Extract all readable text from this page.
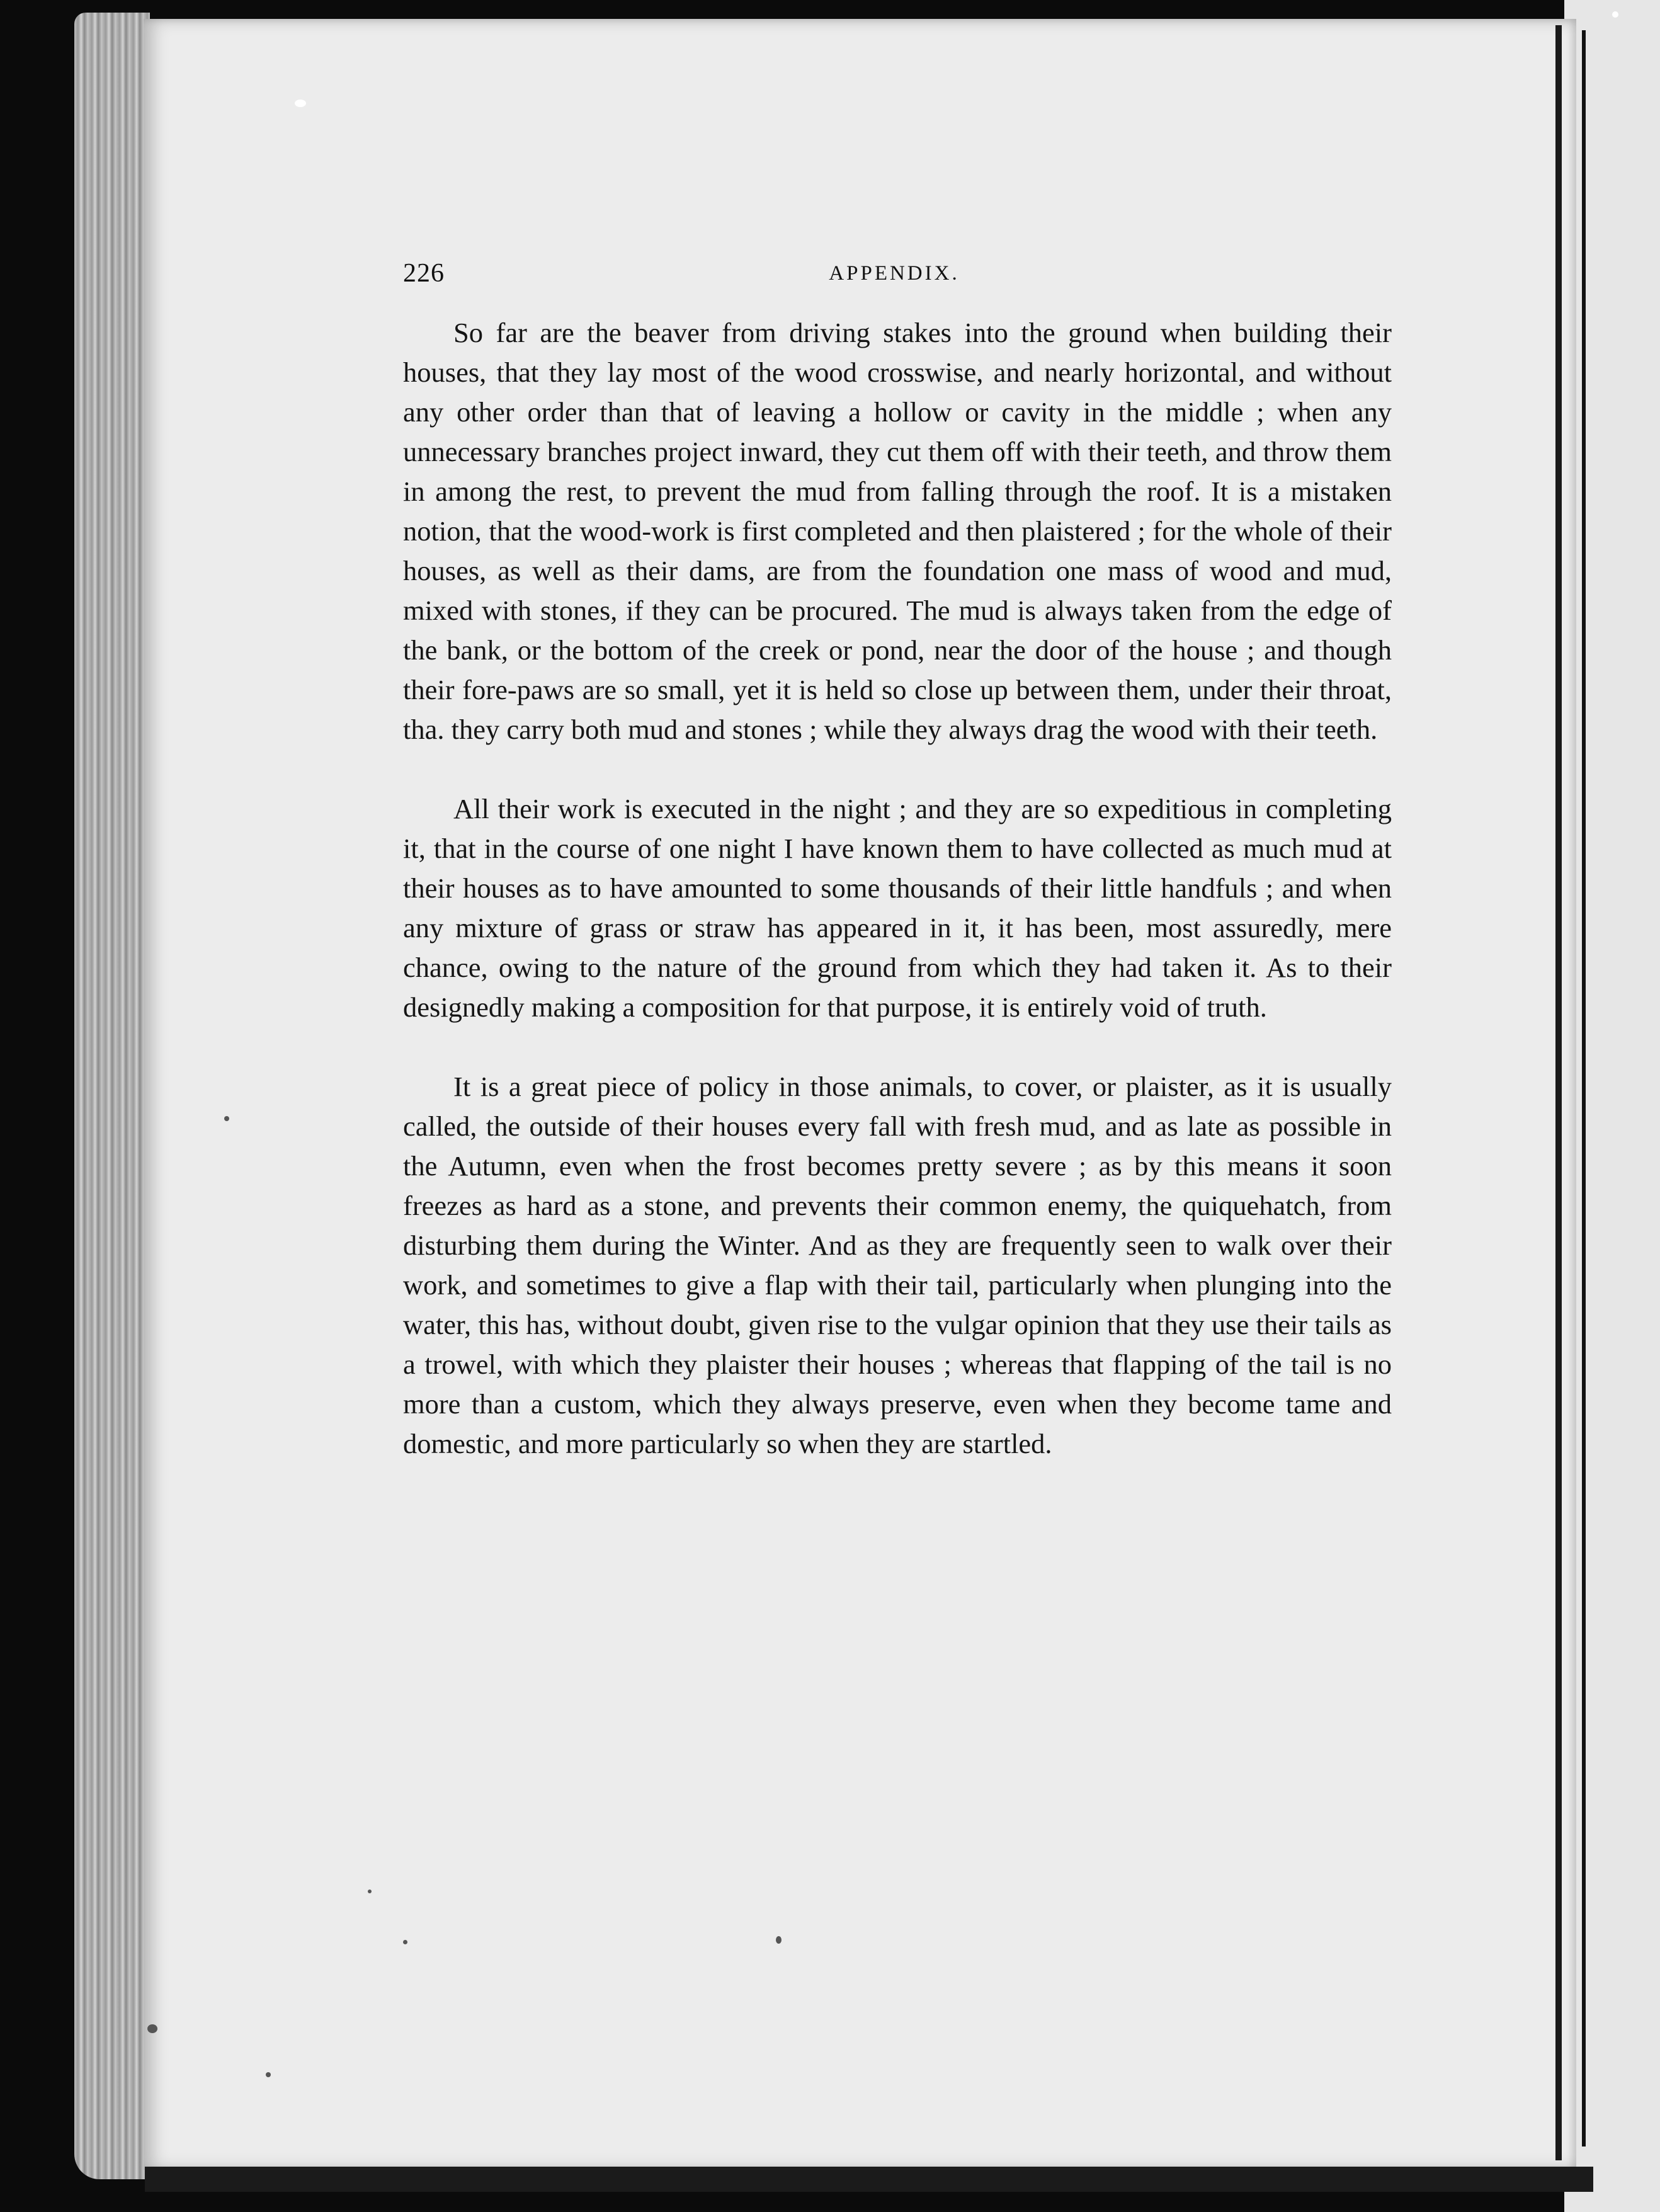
226	APPENDIX.

So far are the beaver from driving stakes into the ground when building their houses, that they lay most of the wood crosswise, and nearly horizontal, and without any other order than that of leaving a hollow or cavity in the middle ; when any unnecessary branches project inward, they cut them off with their teeth, and throw them in among the rest, to prevent the mud from falling through the roof. It is a mistaken notion, that the wood-work is first completed and then plaistered ; for the whole of their houses, as well as their dams, are from the foundation one mass of wood and mud, mixed with stones, if they can be procured. The mud is always taken from the edge of the bank, or the bottom of the creek or pond, near the door of the house ; and though their fore-paws are so small, yet it is held so close up between them, under their throat, tha. they carry both mud and stones ; while they always drag the wood with their teeth.

All their work is executed in the night ; and they are so expeditious in completing it, that in the course of one night I have known them to have collected as much mud at their houses as to have amounted to some thousands of their little handfuls ; and when any mixture of grass or straw has appeared in it, it has been, most assuredly, mere chance, owing to the nature of the ground from which they had taken it. As to their designedly making a composition for that purpose, it is entirely void of truth.

It is a great piece of policy in those animals, to cover, or plaister, as it is usually called, the outside of their houses every fall with fresh mud, and as late as possible in the Autumn, even when the frost becomes pretty severe ; as by this means it soon freezes as hard as a stone, and prevents their common enemy, the quiquehatch, from disturbing them during the Winter. And as they are frequently seen to walk over their work, and sometimes to give a flap with their tail, particularly when plunging into the water, this has, without doubt, given rise to the vulgar opinion that they use their tails as a trowel, with which they plaister their houses ; whereas that flapping of the tail is no more than a custom, which they always preserve, even when they become tame and domestic, and more particularly so when they are startled.
